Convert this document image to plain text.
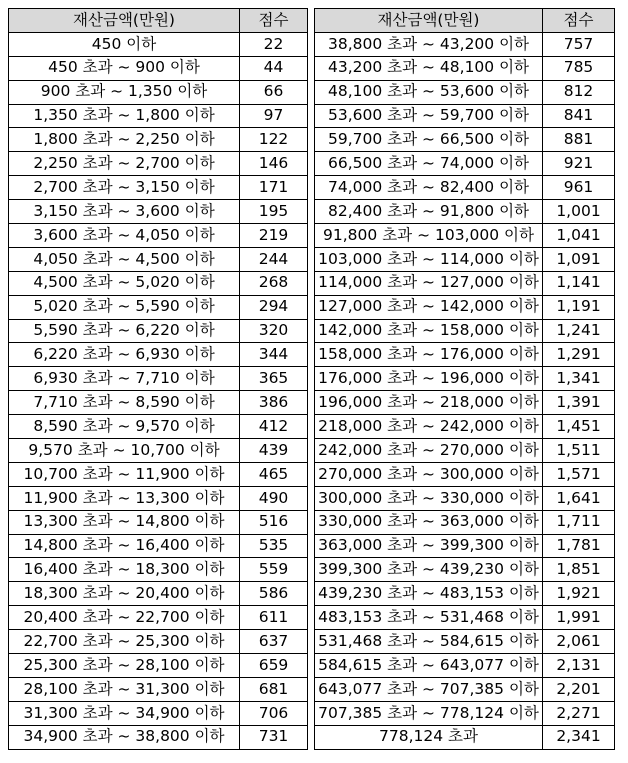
재산금액(만원)	점수
450 이하	22
450 초과 ~ 900 이하	44
900 초과 ~ 1,350 이하	66
1,350 초과 ~ 1,800 이하	97
1,800 초과 ~ 2,250 이하	122
2,250 초과 ~ 2,700 이하	146
2,700 초과 ~ 3,150 이하	171
3,150 초과 ~ 3,600 이하	195
3,600 초과 ~ 4,050 이하	219
4,050 초과 ~ 4,500 이하	244
4,500 초과 ~ 5,020 이하	268
5,020 초과 ~ 5,590 이하	294
5,590 초과 ~ 6,220 이하	320
6,220 초과 ~ 6,930 이하	344
6,930 초과 ~ 7,710 이하	365
7,710 초과 ~ 8,590 이하	386
8,590 초과 ~ 9,570 이하	412
9,570 초과 ~ 10,700 이하	439
10,700 초과 ~ 11,900 이하	465
11,900 초과 ~ 13,300 이하	490
13,300 초과 ~ 14,800 이하	516
14,800 초과 ~ 16,400 이하	535
16,400 초과 ~ 18,300 이하	559
18,300 초과 ~ 20,400 이하	586
20,400 초과 ~ 22,700 이하	611
22,700 초과 ~ 25,300 이하	637
25,300 초과 ~ 28,100 이하	659
28,100 초과 ~ 31,300 이하	681
31,300 초과 ~ 34,900 이하	706
34,900 초과 ~ 38,800 이하	731
재산금액(만원)	점수
38,800 초과 ~ 43,200 이하	757
43,200 초과 ~ 48,100 이하	785
48,100 초과 ~ 53,600 이하	812
53,600 초과 ~ 59,700 이하	841
59,700 초과 ~ 66,500 이하	881
66,500 초과 ~ 74,000 이하	921
74,000 초과 ~ 82,400 이하	961
82,400 초과 ~ 91,800 이하	1,001
91,800 초과 ~ 103,000 이하	1,041
103,000 초과 ~ 114,000 이하	1,091
114,000 초과 ~ 127,000 이하	1,141
127,000 초과 ~ 142,000 이하	1,191
142,000 초과 ~ 158,000 이하	1,241
158,000 초과 ~ 176,000 이하	1,291
176,000 초과 ~ 196,000 이하	1,341
196,000 초과 ~ 218,000 이하	1,391
218,000 초과 ~ 242,000 이하	1,451
242,000 초과 ~ 270,000 이하	1,511
270,000 초과 ~ 300,000 이하	1,571
300,000 초과 ~ 330,000 이하	1,641
330,000 초과 ~ 363,000 이하	1,711
363,000 초과 ~ 399,300 이하	1,781
399,300 초과 ~ 439,230 이하	1,851
439,230 초과 ~ 483,153 이하	1,921
483,153 초과 ~ 531,468 이하	1,991
531,468 초과 ~ 584,615 이하	2,061
584,615 초과 ~ 643,077 이하	2,131
643,077 초과 ~ 707,385 이하	2,201
707,385 초과 ~ 778,124 이하	2,271
778,124 초과	2,341
